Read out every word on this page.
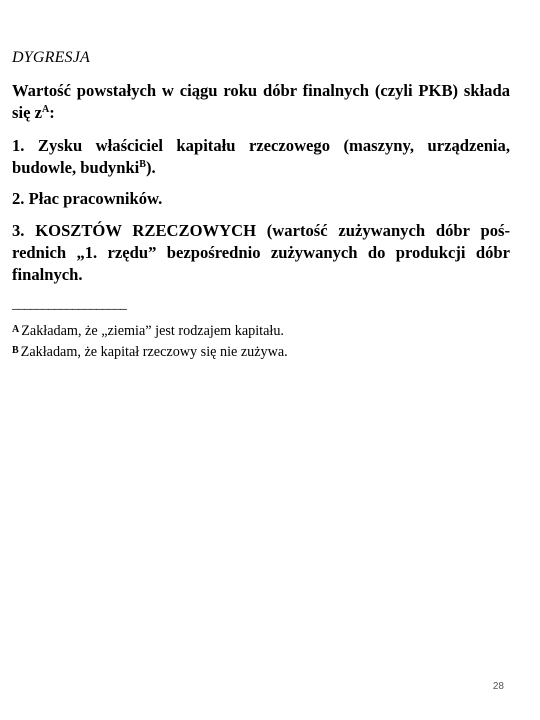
DYGRESJA
Wartość powstałych w ciągu roku dóbr finalnych (czyli PKB) składa się $z^A$:
1. Zysku właściciel kapitału rzeczowego (maszyny, urządzenia, budowle, budynki$^B$).
2. Płac pracowników.
3. KOSZTÓW RZECZOWYCH (wartość zużywanych dóbr poś-rednich „1. rzędu” bezpośrednio zużywanych do produkcji dóbr finalnych.
___________________
$^A$ Zakładam, że „ziemia” jest rodzajem kapitału.
$^B$ Zakładam, że kapitał rzeczowy się nie zużywa.
28
